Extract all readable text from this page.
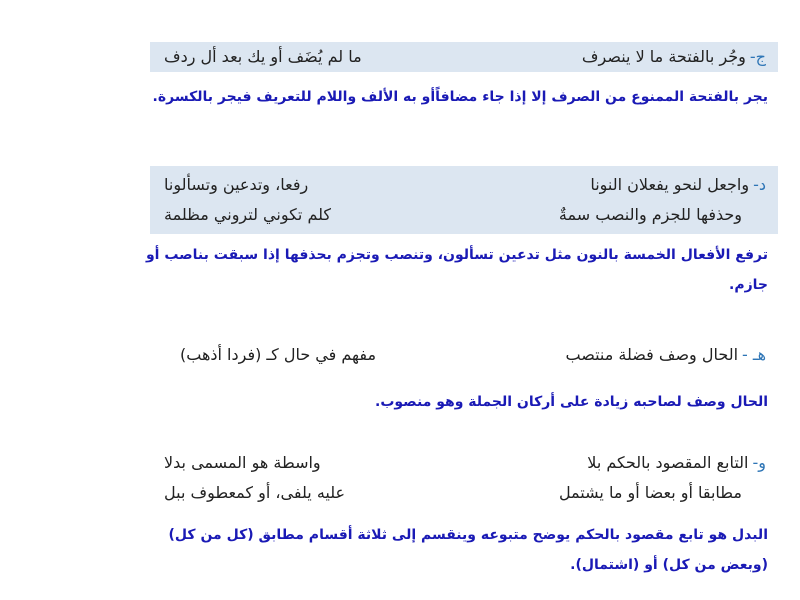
ج-وجُر بالفتحة ما لا ينصرف
ما لم يُضَف أو يك بعد أل ردف
يجر بالفتحة الممنوع من الصرف إلا إذا جاء مضافاًأو به الألف واللام للتعريف فيجر بالكسرة.
د-واجعل لنحو يفعلان النونا
رفعا، وتدعين وتسألونا
وحذفها للجزم والنصب سمةٌ
كلم تكوني لتروني مظلمة
ترفع الأفعال الخمسة بالنون مثل تدعين تسألون، وتنصب وتجزم بحذفها إذا سبقت بناصب أو جازم.
هـ -الحال وصف فضلة منتصب
مفهم في حال كـ (فردا أذهب)
الحال وصف لصاحبه زيادة على أركان الجملة وهو منصوب.
و-التابع المقصود بالحكم بلا
واسطة هو المسمى بدلا
مطابقا أو بعضا أو ما يشتمل
عليه يلفى، أو كمعطوف ببل
البدل هو تابع مقصود بالحكم يوضح متبوعه وينقسم إلى ثلاثة أقسام مطابق (كل من كل) (وبعض من كل) أو (اشتمال).
